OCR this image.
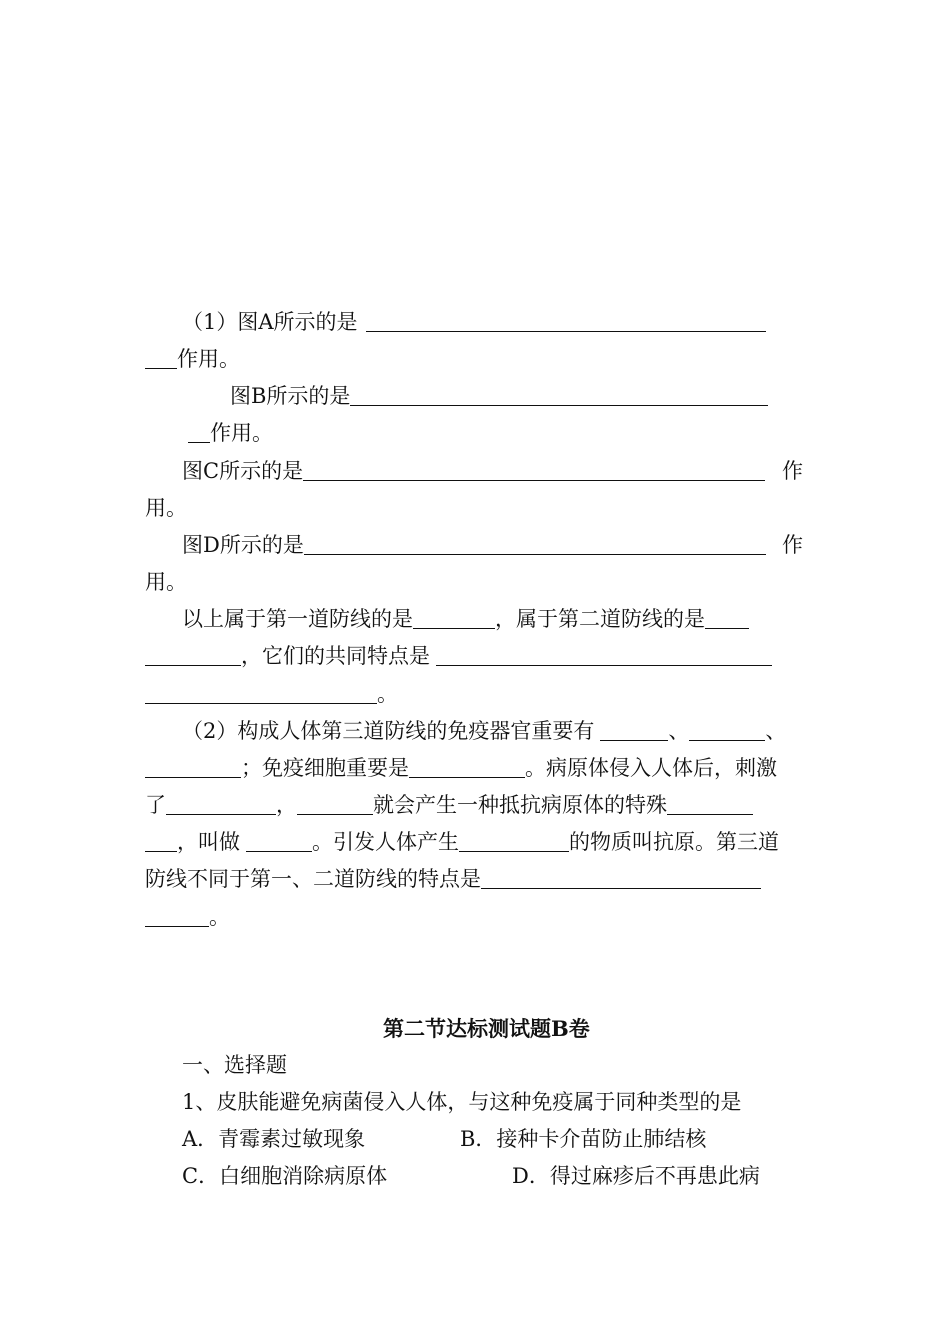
（1）图A所示的是
作用。
图B所示的是
作用。
图C所示的是	作
用。
图D所示的是	作
用。
以上属于第一道防线的是	，属于第二道防线的是
，它们的共同特点是
。
（2）构成人体第三道防线的免疫器官重要有	、	、
；免疫细胞重要是	。病原体侵入人体后，刺激
了	，	就会产生一种抵抗病原体的特殊
，叫做	。引发人体产生	的物质叫抗原。第三道
防线不同于第一、二道防线的特点是
。
第二节达标测试题B卷
一、选择题
1、皮肤能避免病菌侵入人体，与这种免疫属于同种类型的是
A．青霉素过敏现象	B．接种卡介苗防止肺结核
C．白细胞消除病原体	D．得过麻疹后不再患此病
